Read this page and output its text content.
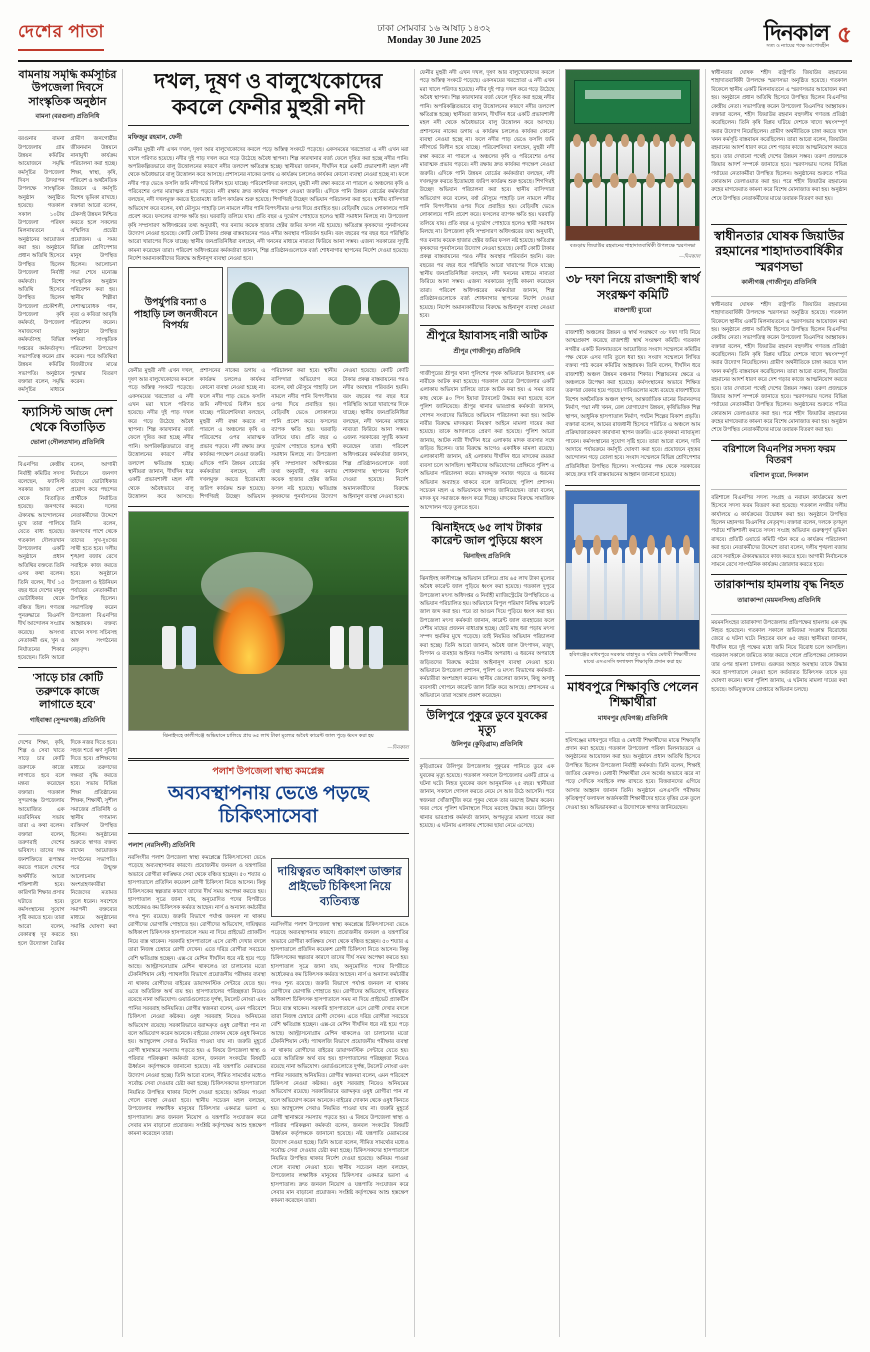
দেশের পাতা	ঢাকা সোমবার ১৬ আষাঢ় ১৪৩২
Monday 30 June 2025	দিনকাল
সত্য ও ন্যায়ের পক্ষে আপোষহীন ৫
বামনায় সমৃদ্ধি কর্মসূচির উপজেলা দিবসে সাংস্কৃতিক অনুষ্ঠান
বামনা (বরগুনা) প্রতিনিধি
বরগুনার বামনা উপজেলায় গ্রাম উন্নয়ন কমিটির আয়োজনে সমৃদ্ধি কর্মসূচির উপজেলা দিবস উদযাপন উপলক্ষে সাংস্কৃতিক অনুষ্ঠান অনুষ্ঠিত হয়েছে। গতকাল সকাল ১০টায় উপজেলা পরিষদ মিলনায়তনে এ অনুষ্ঠানের আয়োজন করা হয়। অনুষ্ঠানে প্রধান অতিথি হিসেবে উপস্থিত ছিলেন উপজেলা নির্বাহী কর্মকর্তা। বিশেষ অতিথি হিসেবে উপস্থিত ছিলেন উপজেলা প্রকৌশলী, উপজেলা কৃষি কর্মকর্তা, উপজেলা সমাজসেবা কর্মকর্তাসহ বিভিন্ন দপ্তরের কর্মকর্তাবৃন্দ। সভাপতিত্ব করেন গ্রাম উন্নয়ন কমিটির সভাপতি। অনুষ্ঠানে বক্তারা বলেন, সমৃদ্ধি কর্মসূচির মাধ্যমে গ্রামীণ জনগোষ্ঠীর জীবনমান উন্নয়নে নানামুখী কার্যক্রম পরিচালনা করা হচ্ছে। শিক্ষা, স্বাস্থ্য, কৃষি, পরিবেশ ও অর্থনৈতিক উন্নয়নে এ কর্মসূচি বিশেষ ভূমিকা রাখছে। বক্তারা আরো বলেন, টেকসই উন্নয়ন নিশ্চিত করতে হলে সকলের সম্মিলিত প্রচেষ্টা প্রয়োজন। এ সময় বিভিন্ন শ্রেণিপেশার মানুষ উপস্থিত ছিলেন। আলোচনা সভা শেষে মনোজ্ঞ সাংস্কৃতিক অনুষ্ঠান পরিবেশন করা হয়। স্থানীয় শিল্পীরা দেশাত্মবোধক গান, নৃত্য ও কবিতা আবৃত্তি পরিবেশন করেন। অনুষ্ঠানে উপস্থিত দর্শকরা সাংস্কৃতিক পরিবেশনা উপভোগ করেন। পরে অতিথিরা বিজয়ীদের মাঝে পুরস্কার বিতরণ করেন।
ফ্যাসিস্ট আজ দেশ থেকে বিতাড়িত
ভোলা (দৌলতখান) প্রতিনিধি
বিএনপির কেন্দ্রীয় নির্বাহী কমিটির সদস্য বলেছেন, ফ্যাসিস্ট সরকার আজ দেশ থেকে বিতাড়িত হয়েছে। জনগণের ঐক্যবদ্ধ আন্দোলনের মুখে তারা পালিয়ে যেতে বাধ্য হয়েছে। গতকাল দৌলতখান উপজেলার একটি অনুষ্ঠানে প্রধান অতিথির বক্তব্যে তিনি এসব কথা বলেন। তিনি বলেন, দীর্ঘ ১৫ বছর ধরে দেশের মানুষ ভোটাধিকার থেকে বঞ্চিত ছিল। গণতন্ত্র পুনরুদ্ধারে বিএনপি দীর্ঘ আন্দোলন সংগ্রাম করেছে। অসংখ্য নেতাকর্মী গুম, খুন ও নির্যাতনের শিকার হয়েছেন। তিনি আরো বলেন, আগামী নির্বাচনে জনগণ তাদের ভোটাধিকার প্রয়োগ করে পছন্দের প্রার্থীকে নির্বাচিত করবে। দলের নেতাকর্মীদের উদ্দেশে তিনি বলেন, জনগণের পাশে থেকে তাদের সুখ-দুঃখের সাথী হতে হবে। দলীয় শৃঙ্খলা বজায় রেখে সবাইকে কাজ করতে হবে। অনুষ্ঠানে উপজেলা ও ইউনিয়ন পর্যায়ের নেতাকর্মীরা উপস্থিত ছিলেন। সভাপতিত্ব করেন উপজেলা বিএনপির আহ্বায়ক। বক্তব্য রাখেন সদস্য সচিবসহ অঙ্গ সংগঠনের নেতৃবৃন্দ।
'সাড়ে চার কোটি তরুণকে কাজে লাগাতে হবে'
গাইবান্ধা (সুন্দরগঞ্জ) প্রতিনিধি
দেশের শিক্ষা, কৃষি, শিল্প ও সেবা খাতে সাড়ে চার কোটি তরুণকে কাজে লাগাতে হবে বলে মন্তব্য করেছেন বক্তারা। গতকাল সুন্দরগঞ্জ উপজেলায় আয়োজিত এক মতবিনিময় সভায় তারা এ কথা বলেন। বক্তারা বলেন, তরুণরাই দেশের ভবিষ্যৎ। তাদের দক্ষ জনশক্তিতে রূপান্তর করতে পারলে দেশের অর্থনীতি আরো শক্তিশালী হবে। কারিগরি শিক্ষার প্রসার ঘটাতে হবে। কর্মসংস্থানের সুযোগ সৃষ্টি করতে হবে। তারা আরো বলেন, বেকারত্ব দূর করতে হলে উদ্যোক্তা তৈরির দিকে নজর দিতে হবে। সহজ শর্তে ঋণ সুবিধা দিতে হবে। প্রশিক্ষণের মাধ্যমে তরুণদের দক্ষতা বৃদ্ধি করতে হবে। সভায় বিভিন্ন শিক্ষা প্রতিষ্ঠানের শিক্ষক, শিক্ষার্থী, সুশীল সমাজের প্রতিনিধি ও স্থানীয় গণ্যমান্য ব্যক্তিবর্গ উপস্থিত ছিলেন। অনুষ্ঠানের শুরুতে স্বাগত বক্তব্য রাখেন আয়োজক সংগঠনের সভাপতি। পরে উন্মুক্ত আলোচনায় অংশগ্রহণকারীরা নিজেদের মতামত তুলে ধরেন। সবশেষে সমাপনী বক্তব্যের মাধ্যমে অনুষ্ঠানের সমাপ্তি ঘোষণা করা হয়।
দখল, দূষণ ও বালুখেকোদের কবলে ফেনীর মুহুরী নদী
মফিজুর রহমান, ফেনী
ফেনীর মুহুরী নদী এখন দখল, দূষণ আর বালুখেকোদের কবলে পড়ে অস্তিত্ব সংকটে পড়েছে। একসময়ের খরস্রোতা এ নদী এখন মরা খালে পরিণত হয়েছে। নদীর দুই পাড় দখল করে গড়ে উঠেছে অবৈধ স্থাপনা। শিল্প কারখানার বর্জ্য ফেলে দূষিত করা হচ্ছে নদীর পানি। অপরিকল্পিতভাবে বালু উত্তোলনের কারণে নদীর তলদেশ ক্ষতিগ্রস্ত হচ্ছে। স্থানীয়রা জানান, দীর্ঘদিন ধরে একটি প্রভাবশালী মহল নদী থেকে অবৈধভাবে বালু উত্তোলন করে আসছে। প্রশাসনের নাকের ডগায় এ কার্যক্রম চললেও কার্যকর কোনো ব্যবস্থা নেওয়া হচ্ছে না। ফলে নদীর পাড় ভেঙে ফসলি জমি নদীগর্ভে বিলীন হয়ে যাচ্ছে। পরিবেশবিদরা বলছেন, মুহুরী নদী রক্ষা করতে না পারলে এ অঞ্চলের কৃষি ও পরিবেশের ওপর মারাত্মক প্রভাব পড়বে। নদী রক্ষায় দ্রুত কার্যকর পদক্ষেপ নেওয়া জরুরি। এদিকে পানি উন্নয়ন বোর্ডের কর্মকর্তারা বলছেন, নদী দখলমুক্ত করতে ইতোমধ্যে জরিপ কার্যক্রম শুরু হয়েছে। শিগগিরই উচ্ছেদ অভিযান পরিচালনা করা হবে। স্থানীয় বাসিন্দারা অভিযোগ করে বলেন, বর্ষা মৌসুমে পাহাড়ি ঢল নামলে নদীর পানি বিপৎসীমার ওপর দিয়ে প্রবাহিত হয়। বেড়িবাঁধ ভেঙে লোকালয়ে পানি প্রবেশ করে। ফসলের ব্যাপক ক্ষতি হয়। ঘরবাড়ি তলিয়ে যায়। প্রতি বছর এ দুর্ভোগ পোহাতে হলেও স্থায়ী সমাধান মিলছে না। উপজেলা কৃষি সম্প্রসারণ অধিদপ্তরের তথ্য অনুযায়ী, গত বন্যায় কয়েক হাজার হেক্টর জমির ফসল নষ্ট হয়েছে। ক্ষতিগ্রস্ত কৃষকদের পুনর্বাসনের উদ্যোগ নেওয়া হয়েছে। কোটি কোটি টাকার প্রকল্প বাস্তবায়নের পরও নদীর অবস্থার পরিবর্তন হয়নি। বরং বছরের পর বছর ধরে পরিস্থিতি আরো খারাপের দিকে যাচ্ছে। স্থানীয় জনপ্রতিনিধিরা বলছেন, নদী খননের মাধ্যমে নাব্যতা ফিরিয়ে আনা সম্ভব। এজন্য সরকারের সুদৃষ্টি কামনা করেছেন তারা। পরিবেশ অধিদপ্তরের কর্মকর্তারা জানান, শিল্প প্রতিষ্ঠানগুলোকে বর্জ্য শোধনাগার স্থাপনের নির্দেশ দেওয়া হয়েছে। নির্দেশ অমান্যকারীদের বিরুদ্ধে আইনানুগ ব্যবস্থা নেওয়া হবে।
উপর্যুপরি বন্যা ও পাহাড়ি ঢল জনজীবনে বিপর্যয়
ফেনীর মুহুরী নদী এখন দখল, দূষণ আর বালুখেকোদের কবলে পড়ে অস্তিত্ব সংকটে পড়েছে। একসময়ের খরস্রোতা এ নদী এখন মরা খালে পরিণত হয়েছে। নদীর দুই পাড় দখল করে গড়ে উঠেছে অবৈধ স্থাপনা। শিল্প কারখানার বর্জ্য ফেলে দূষিত করা হচ্ছে নদীর পানি। অপরিকল্পিতভাবে বালু উত্তোলনের কারণে নদীর তলদেশ ক্ষতিগ্রস্ত হচ্ছে। স্থানীয়রা জানান, দীর্ঘদিন ধরে একটি প্রভাবশালী মহল নদী থেকে অবৈধভাবে বালু উত্তোলন করে আসছে। প্রশাসনের নাকের ডগায় এ কার্যক্রম চললেও কার্যকর কোনো ব্যবস্থা নেওয়া হচ্ছে না। ফলে নদীর পাড় ভেঙে ফসলি জমি নদীগর্ভে বিলীন হয়ে যাচ্ছে। পরিবেশবিদরা বলছেন, মুহুরী নদী রক্ষা করতে না পারলে এ অঞ্চলের কৃষি ও পরিবেশের ওপর মারাত্মক প্রভাব পড়বে। নদী রক্ষায় দ্রুত কার্যকর পদক্ষেপ নেওয়া জরুরি। এদিকে পানি উন্নয়ন বোর্ডের কর্মকর্তারা বলছেন, নদী দখলমুক্ত করতে ইতোমধ্যে জরিপ কার্যক্রম শুরু হয়েছে। শিগগিরই উচ্ছেদ অভিযান পরিচালনা করা হবে। স্থানীয় বাসিন্দারা অভিযোগ করে বলেন, বর্ষা মৌসুমে পাহাড়ি ঢল নামলে নদীর পানি বিপৎসীমার ওপর দিয়ে প্রবাহিত হয়। বেড়িবাঁধ ভেঙে লোকালয়ে পানি প্রবেশ করে। ফসলের ব্যাপক ক্ষতি হয়। ঘরবাড়ি তলিয়ে যায়। প্রতি বছর এ দুর্ভোগ পোহাতে হলেও স্থায়ী সমাধান মিলছে না। উপজেলা কৃষি সম্প্রসারণ অধিদপ্তরের তথ্য অনুযায়ী, গত বন্যায় কয়েক হাজার হেক্টর জমির ফসল নষ্ট হয়েছে। ক্ষতিগ্রস্ত কৃষকদের পুনর্বাসনের উদ্যোগ নেওয়া হয়েছে। কোটি কোটি টাকার প্রকল্প বাস্তবায়নের পরও নদীর অবস্থার পরিবর্তন হয়নি। বরং বছরের পর বছর ধরে পরিস্থিতি আরো খারাপের দিকে যাচ্ছে। স্থানীয় জনপ্রতিনিধিরা বলছেন, নদী খননের মাধ্যমে নাব্যতা ফিরিয়ে আনা সম্ভব। এজন্য সরকারের সুদৃষ্টি কামনা করেছেন তারা। পরিবেশ অধিদপ্তরের কর্মকর্তারা জানান, শিল্প প্রতিষ্ঠানগুলোকে বর্জ্য শোধনাগার স্থাপনের নির্দেশ দেওয়া হয়েছে। নির্দেশ অমান্যকারীদের বিরুদ্ধে আইনানুগ ব্যবস্থা নেওয়া হবে।
ঝিনাইদহে কালীগঞ্জে অভিযানে চালিয়ে প্রায় ৬৫ লাখ টাকা মূল্যের অবৈধ কারেন্ট জাল পুড়ে ধ্বংস করা হয়
—দিনকাল
পলাশ উপজেলা স্বাস্থ্য কমপ্লেক্স
অব্যবস্থাপনায় ভেঙে পড়ছে চিকিৎসাসেবা
পলাশ (নরসিংদী) প্রতিনিধি
নরসিংদীর পলাশ উপজেলা স্বাস্থ্য কমপ্লেক্সে চিকিৎসাসেবা ভেঙে পড়েছে অব্যবস্থাপনার কারণে। প্রয়োজনীয় জনবল ও যন্ত্রপাতির অভাবে রোগীরা কাঙ্ক্ষিত সেবা থেকে বঞ্চিত হচ্ছেন। ৫০ শয্যার এ হাসপাতালে প্রতিদিন কয়েকশ রোগী চিকিৎসা নিতে আসেন। কিন্তু চিকিৎসকের স্বল্পতার কারণে তাদের দীর্ঘ সময় অপেক্ষা করতে হয়। হাসপাতাল সূত্রে জানা যায়, অনুমোদিত পদের বিপরীতে অর্ধেকেরও কম চিকিৎসক কর্মরত আছেন। নার্স ও অন্যান্য কর্মচারীর পদও শূন্য রয়েছে। জরুরি বিভাগে পর্যাপ্ত জনবল না থাকায় রোগীদের ভোগান্তি পোহাতে হয়। রোগীদের অভিযোগ, দায়িত্বরত অধিকাংশ চিকিৎসক হাসপাতালে সময় না দিয়ে প্রাইভেট প্র্যাকটিস নিয়ে ব্যস্ত থাকেন। সরকারি হাসপাতালে এসে রোগী দেখার বদলে তারা নিজস্ব চেম্বারে রোগী দেখেন। এতে দরিদ্র রোগীরা সবচেয়ে বেশি ক্ষতিগ্রস্ত হচ্ছেন। এক্স-রে মেশিন দীর্ঘদিন ধরে নষ্ট হয়ে পড়ে আছে। আল্ট্রাসনোগ্রাম মেশিন থাকলেও তা চালানোর মতো টেকনিশিয়ান নেই। প্যাথলজি বিভাগে প্রয়োজনীয় পরীক্ষার ব্যবস্থা না থাকায় রোগীদের বাইরের ডায়াগনস্টিক সেন্টারে যেতে হয়। এতে অতিরিক্ত অর্থ ব্যয় হয়। হাসপাতালের পরিচ্ছন্নতা নিয়েও রয়েছে নানা অভিযোগ। ওয়ার্ডগুলোতে দুর্গন্ধ, টয়লেট নোংরা এবং পানির সরবরাহ অনিয়মিত। রোগীর স্বজনরা বলেন, এমন পরিবেশে চিকিৎসা নেওয়া কষ্টকর। ওষুধ সরবরাহ নিয়েও অনিয়মের অভিযোগ রয়েছে। সরকারিভাবে বরাদ্দকৃত ওষুধ রোগীরা পান না বলে অভিযোগ করেন অনেকে। বাইরের দোকান থেকে ওষুধ কিনতে হয়। অ্যাম্বুলেন্স সেবাও নিয়মিত পাওয়া যায় না। জরুরি মুহূর্তে রোগী স্থানান্তরে সমস্যায় পড়তে হয়। এ বিষয়ে উপজেলা স্বাস্থ্য ও পরিবার পরিকল্পনা কর্মকর্তা বলেন, জনবল সংকটের বিষয়টি ঊর্ধ্বতন কর্তৃপক্ষকে জানানো হয়েছে। নষ্ট যন্ত্রপাতি মেরামতের উদ্যোগ নেওয়া হচ্ছে। তিনি আরো বলেন, সীমিত সামর্থ্যের মধ্যেও সর্বোচ্চ সেবা দেওয়ার চেষ্টা করা হচ্ছে। চিকিৎসকদের হাসপাতালে নিয়মিত উপস্থিত থাকার নির্দেশ দেওয়া হয়েছে। অনিয়ম পাওয়া গেলে ব্যবস্থা নেওয়া হবে। স্থানীয় সচেতন মহল বলছেন, উপজেলার লক্ষাধিক মানুষের চিকিৎসার একমাত্র ভরসা এ হাসপাতাল। দ্রুত জনবল নিয়োগ ও যন্ত্রপাতি সংযোজন করে সেবার মান বাড়ানো প্রয়োজন। সংশ্লিষ্ট কর্তৃপক্ষের আশু হস্তক্ষেপ কামনা করেছেন তারা।
দায়িত্বরত অধিকাংশ ডাক্তার প্রাইভেট চিকিৎসা নিয়ে ব্যতিব্যস্ত
নরসিংদীর পলাশ উপজেলা স্বাস্থ্য কমপ্লেক্সে চিকিৎসাসেবা ভেঙে পড়েছে অব্যবস্থাপনার কারণে। প্রয়োজনীয় জনবল ও যন্ত্রপাতির অভাবে রোগীরা কাঙ্ক্ষিত সেবা থেকে বঞ্চিত হচ্ছেন। ৫০ শয্যার এ হাসপাতালে প্রতিদিন কয়েকশ রোগী চিকিৎসা নিতে আসেন। কিন্তু চিকিৎসকের স্বল্পতার কারণে তাদের দীর্ঘ সময় অপেক্ষা করতে হয়। হাসপাতাল সূত্রে জানা যায়, অনুমোদিত পদের বিপরীতে অর্ধেকেরও কম চিকিৎসক কর্মরত আছেন। নার্স ও অন্যান্য কর্মচারীর পদও শূন্য রয়েছে। জরুরি বিভাগে পর্যাপ্ত জনবল না থাকায় রোগীদের ভোগান্তি পোহাতে হয়। রোগীদের অভিযোগ, দায়িত্বরত অধিকাংশ চিকিৎসক হাসপাতালে সময় না দিয়ে প্রাইভেট প্র্যাকটিস নিয়ে ব্যস্ত থাকেন। সরকারি হাসপাতালে এসে রোগী দেখার বদলে তারা নিজস্ব চেম্বারে রোগী দেখেন। এতে দরিদ্র রোগীরা সবচেয়ে বেশি ক্ষতিগ্রস্ত হচ্ছেন। এক্স-রে মেশিন দীর্ঘদিন ধরে নষ্ট হয়ে পড়ে আছে। আল্ট্রাসনোগ্রাম মেশিন থাকলেও তা চালানোর মতো টেকনিশিয়ান নেই। প্যাথলজি বিভাগে প্রয়োজনীয় পরীক্ষার ব্যবস্থা না থাকায় রোগীদের বাইরের ডায়াগনস্টিক সেন্টারে যেতে হয়। এতে অতিরিক্ত অর্থ ব্যয় হয়। হাসপাতালের পরিচ্ছন্নতা নিয়েও রয়েছে নানা অভিযোগ। ওয়ার্ডগুলোতে দুর্গন্ধ, টয়লেট নোংরা এবং পানির সরবরাহ অনিয়মিত। রোগীর স্বজনরা বলেন, এমন পরিবেশে চিকিৎসা নেওয়া কষ্টকর। ওষুধ সরবরাহ নিয়েও অনিয়মের অভিযোগ রয়েছে। সরকারিভাবে বরাদ্দকৃত ওষুধ রোগীরা পান না বলে অভিযোগ করেন অনেকে। বাইরের দোকান থেকে ওষুধ কিনতে হয়। অ্যাম্বুলেন্স সেবাও নিয়মিত পাওয়া যায় না। জরুরি মুহূর্তে রোগী স্থানান্তরে সমস্যায় পড়তে হয়। এ বিষয়ে উপজেলা স্বাস্থ্য ও পরিবার পরিকল্পনা কর্মকর্তা বলেন, জনবল সংকটের বিষয়টি ঊর্ধ্বতন কর্তৃপক্ষকে জানানো হয়েছে। নষ্ট যন্ত্রপাতি মেরামতের উদ্যোগ নেওয়া হচ্ছে। তিনি আরো বলেন, সীমিত সামর্থ্যের মধ্যেও সর্বোচ্চ সেবা দেওয়ার চেষ্টা করা হচ্ছে। চিকিৎসকদের হাসপাতালে নিয়মিত উপস্থিত থাকার নির্দেশ দেওয়া হয়েছে। অনিয়ম পাওয়া গেলে ব্যবস্থা নেওয়া হবে। স্থানীয় সচেতন মহল বলছেন, উপজেলার লক্ষাধিক মানুষের চিকিৎসার একমাত্র ভরসা এ হাসপাতাল। দ্রুত জনবল নিয়োগ ও যন্ত্রপাতি সংযোজন করে সেবার মান বাড়ানো প্রয়োজন। সংশ্লিষ্ট কর্তৃপক্ষের আশু হস্তক্ষেপ কামনা করেছেন তারা।
ফেনীর মুহুরী নদী এখন দখল, দূষণ আর বালুখেকোদের কবলে পড়ে অস্তিত্ব সংকটে পড়েছে। একসময়ের খরস্রোতা এ নদী এখন মরা খালে পরিণত হয়েছে। নদীর দুই পাড় দখল করে গড়ে উঠেছে অবৈধ স্থাপনা। শিল্প কারখানার বর্জ্য ফেলে দূষিত করা হচ্ছে নদীর পানি। অপরিকল্পিতভাবে বালু উত্তোলনের কারণে নদীর তলদেশ ক্ষতিগ্রস্ত হচ্ছে। স্থানীয়রা জানান, দীর্ঘদিন ধরে একটি প্রভাবশালী মহল নদী থেকে অবৈধভাবে বালু উত্তোলন করে আসছে। প্রশাসনের নাকের ডগায় এ কার্যক্রম চললেও কার্যকর কোনো ব্যবস্থা নেওয়া হচ্ছে না। ফলে নদীর পাড় ভেঙে ফসলি জমি নদীগর্ভে বিলীন হয়ে যাচ্ছে। পরিবেশবিদরা বলছেন, মুহুরী নদী রক্ষা করতে না পারলে এ অঞ্চলের কৃষি ও পরিবেশের ওপর মারাত্মক প্রভাব পড়বে। নদী রক্ষায় দ্রুত কার্যকর পদক্ষেপ নেওয়া জরুরি। এদিকে পানি উন্নয়ন বোর্ডের কর্মকর্তারা বলছেন, নদী দখলমুক্ত করতে ইতোমধ্যে জরিপ কার্যক্রম শুরু হয়েছে। শিগগিরই উচ্ছেদ অভিযান পরিচালনা করা হবে। স্থানীয় বাসিন্দারা অভিযোগ করে বলেন, বর্ষা মৌসুমে পাহাড়ি ঢল নামলে নদীর পানি বিপৎসীমার ওপর দিয়ে প্রবাহিত হয়। বেড়িবাঁধ ভেঙে লোকালয়ে পানি প্রবেশ করে। ফসলের ব্যাপক ক্ষতি হয়। ঘরবাড়ি তলিয়ে যায়। প্রতি বছর এ দুর্ভোগ পোহাতে হলেও স্থায়ী সমাধান মিলছে না। উপজেলা কৃষি সম্প্রসারণ অধিদপ্তরের তথ্য অনুযায়ী, গত বন্যায় কয়েক হাজার হেক্টর জমির ফসল নষ্ট হয়েছে। ক্ষতিগ্রস্ত কৃষকদের পুনর্বাসনের উদ্যোগ নেওয়া হয়েছে। কোটি কোটি টাকার প্রকল্প বাস্তবায়নের পরও নদীর অবস্থার পরিবর্তন হয়নি। বরং বছরের পর বছর ধরে পরিস্থিতি আরো খারাপের দিকে যাচ্ছে। স্থানীয় জনপ্রতিনিধিরা বলছেন, নদী খননের মাধ্যমে নাব্যতা ফিরিয়ে আনা সম্ভব। এজন্য সরকারের সুদৃষ্টি কামনা করেছেন তারা। পরিবেশ অধিদপ্তরের কর্মকর্তারা জানান, শিল্প প্রতিষ্ঠানগুলোকে বর্জ্য শোধনাগার স্থাপনের নির্দেশ দেওয়া হয়েছে। নির্দেশ অমান্যকারীদের বিরুদ্ধে আইনানুগ ব্যবস্থা নেওয়া হবে।
শ্রীপুরে ইয়াবাসহ নারী আটক
শ্রীপুর (গাজীপুর) প্রতিনিধি
গাজীপুরের শ্রীপুর থানা পুলিশের পৃথক অভিযানে ইয়াবাসহ এক নারীকে আটক করা হয়েছে। গতকাল ভোরে উপজেলার একটি এলাকায় অভিযান চালিয়ে তাকে আটক করা হয়। এ সময় তার কাছ থেকে ৪০ পিস ইয়াবা ট্যাবলেট উদ্ধার করা হয়েছে বলে পুলিশ জানিয়েছে। শ্রীপুর থানার ভারপ্রাপ্ত কর্মকর্তা জানান, গোপন সংবাদের ভিত্তিতে অভিযান পরিচালনা করা হয়। আটক নারীর বিরুদ্ধে মাদকদ্রব্য নিয়ন্ত্রণ আইনে মামলা দায়ের করা হয়েছে। তাকে আদালতে প্রেরণ করা হয়েছে। পুলিশ আরো জানায়, আটক নারী দীর্ঘদিন ধরে এলাকায় মাদক ব্যবসার সঙ্গে জড়িত ছিলেন। তার বিরুদ্ধে আগেও একাধিক মামলা রয়েছে। এলাকাবাসী জানান, ওই এলাকায় দীর্ঘদিন ধরে মাদকের রমরমা ব্যবসা চলে আসছিল। স্থানীয়দের অভিযোগের প্রেক্ষিতে পুলিশ এ অভিযান পরিচালনা করে। মাদকমুক্ত সমাজ গড়তে এ ধরনের অভিযান অব্যাহত থাকবে বলে জানিয়েছে পুলিশ প্রশাসন। সচেতন মহল এ অভিযানকে স্বাগত জানিয়েছেন। তারা বলেন, মাদক যুব সমাজকে ধ্বংস করে দিচ্ছে। মাদকের বিরুদ্ধে সামাজিক আন্দোলন গড়ে তুলতে হবে।
ঝিনাইদহে ৬৫ লাখ টাকার কারেন্ট জাল পুড়িয়ে ধ্বংস
ঝিনাইদহ প্রতিনিধি
ঝিনাইদহ কালীগঞ্জে অভিযান চালিয়ে প্রায় ৬৫ লাখ টাকা মূল্যের অবৈধ কারেন্ট জাল পুড়িয়ে ধ্বংস করা হয়েছে। গতকাল দুপুরে উপজেলা মৎস্য অধিদপ্তর ও নির্বাহী ম্যাজিস্ট্রেটের উপস্থিতিতে এ অভিযান পরিচালিত হয়। অভিযানে বিপুল পরিমাণ নিষিদ্ধ কারেন্ট জাল জব্দ করা হয়। পরে তা আগুন দিয়ে পুড়িয়ে ধ্বংস করা হয়। উপজেলা মৎস্য কর্মকর্তা জানান, কারেন্ট জাল ব্যবহারের ফলে দেশীয় মাছের প্রজনন বাধাগ্রস্ত হচ্ছে। ছোট মাছ ধরা পড়ায় মৎস্য সম্পদ হুমকির মুখে পড়েছে। তাই নিয়মিত অভিযান পরিচালনা করা হচ্ছে। তিনি আরো জানান, অবৈধ জাল উৎপাদন, মজুদ, বিপণন ও ব্যবহার আইনত দণ্ডনীয় অপরাধ। এ ধরনের অপরাধে জড়িতদের বিরুদ্ধে কঠোর আইনানুগ ব্যবস্থা নেওয়া হবে। অভিযানে উপজেলা প্রশাসন, পুলিশ ও মৎস্য বিভাগের কর্মকর্তা-কর্মচারীরা অংশগ্রহণ করেন। স্থানীয় জেলেরা জানান, কিছু অসাধু ব্যবসায়ী গোপনে কারেন্ট জাল বিক্রি করে আসছে। প্রশাসনের এ অভিযানে তারা সন্তোষ প্রকাশ করেছেন।
উলিপুরে পুকুরে ডুবে যুবকের মৃত্যু
উলিপুর (কুড়িগ্রাম) প্রতিনিধি
কুড়িগ্রামের উলিপুর উপজেলায় পুকুরের পানিতে ডুবে এক যুবকের মৃত্যু হয়েছে। গতকাল সকালে উপজেলার একটি গ্রামে এ ঘটনা ঘটে। নিহত যুবকের বয়স আনুমানিক ২৫ বছর। স্থানীয়রা জানান, সকালে গোসল করতে নেমে সে আর উঠে আসেনি। পরে স্বজনরা খোঁজাখুঁজি করে পুকুর থেকে তার মরদেহ উদ্ধার করেন। খবর পেয়ে পুলিশ ঘটনাস্থলে গিয়ে মরদেহ উদ্ধার করে। উলিপুর থানার ভারপ্রাপ্ত কর্মকর্তা জানান, অপমৃত্যুর মামলা দায়ের করা হয়েছে। এ ঘটনায় এলাকায় শোকের ছায়া নেমে এসেছে।
বগুড়ায় জিয়াউর রহমানের শাহাদাতবার্ষিকী উপলক্ষে স্মরণসভা
—দিনকাল
৩৮ দফা নিয়ে রাজশাহী স্বার্থ সংরক্ষণ কমিটি
রাজশাহী ব্যুরো
রাজশাহী অঞ্চলের উন্নয়ন ও স্বার্থ সংরক্ষণে ৩৮ দফা দাবি নিয়ে আত্মপ্রকাশ করেছে রাজশাহী স্বার্থ সংরক্ষণ কমিটি। গতকাল নগরীর একটি মিলনায়তনে আয়োজিত সংবাদ সম্মেলনে কমিটির পক্ষ থেকে এসব দাবি তুলে ধরা হয়। সংবাদ সম্মেলনে লিখিত বক্তব্য পাঠ করেন কমিটির আহ্বায়ক। তিনি বলেন, দীর্ঘদিন ধরে রাজশাহী অঞ্চল উন্নয়ন বঞ্চনার শিকার। শিল্পায়নের ক্ষেত্রে এ অঞ্চলকে উপেক্ষা করা হয়েছে। কর্মসংস্থানের অভাবে শিক্ষিত তরুণরা বেকার হয়ে পড়ছে। দাবিগুলোর মধ্যে রয়েছে রাজশাহীতে বিশেষ অর্থনৈতিক অঞ্চল স্থাপন, আন্তর্জাতিক মানের বিমানবন্দর নির্মাণ, পদ্মা নদী খনন, রেল যোগাযোগ উন্নয়ন, কৃষিভিত্তিক শিল্প স্থাপন, আধুনিক হাসপাতাল নির্মাণ, পর্যটন শিল্পের বিকাশ প্রভৃতি। বক্তারা বলেন, আমের রাজধানী হিসেবে পরিচিত এ অঞ্চলে আম প্রক্রিয়াজাতকরণ কারখানা স্থাপন জরুরি। এতে কৃষকরা ন্যায্যমূল্য পাবেন। কর্মসংস্থানের সুযোগ সৃষ্টি হবে। তারা আরো বলেন, দাবি আদায়ে পর্যায়ক্রমে কর্মসূচি ঘোষণা করা হবে। প্রয়োজনে বৃহত্তর আন্দোলন গড়ে তোলা হবে। সংবাদ সম্মেলনে বিভিন্ন শ্রেণিপেশার প্রতিনিধিরা উপস্থিত ছিলেন। সংগঠনের পক্ষ থেকে সরকারের কাছে দ্রুত দাবি বাস্তবায়নের আহ্বান জানানো হয়েছে।
হবিগঞ্জের মাধবপুরে সরকার বাহাদুর ও দরিদ্র মেধাবী শিক্ষার্থীদের মাঝে এসএসসি ফলাফল শিক্ষাবৃত্তি প্রদান করা হয়
মাধবপুরে শিক্ষাবৃত্তি পেলেন শিক্ষার্থীরা
মাধবপুর (হবিগঞ্জ) প্রতিনিধি
হবিগঞ্জের মাধবপুরে দরিদ্র ও মেধাবী শিক্ষার্থীদের মাঝে শিক্ষাবৃত্তি প্রদান করা হয়েছে। গতকাল উপজেলা পরিষদ মিলনায়তনে এ অনুষ্ঠানের আয়োজন করা হয়। অনুষ্ঠানে প্রধান অতিথি হিসেবে উপস্থিত ছিলেন উপজেলা নির্বাহী কর্মকর্তা। তিনি বলেন, শিক্ষাই জাতির মেরুদণ্ড। মেধাবী শিক্ষার্থীরা যেন অর্থের অভাবে ঝরে না পড়ে সেদিকে সবাইকে লক্ষ রাখতে হবে। বিত্তবানদের এগিয়ে আসার আহ্বান জানান তিনি। অনুষ্ঠানে এসএসসি পরীক্ষায় কৃতিত্বপূর্ণ ফলাফল অর্জনকারী শিক্ষার্থীদের হাতে বৃত্তির চেক তুলে দেওয়া হয়। অভিভাবকরা এ উদ্যোগকে স্বাগত জানিয়েছেন।
স্বাধীনতার ঘোষক শহীদ রাষ্ট্রপতি জিয়াউর রহমানের শাহাদাতবার্ষিকী উপলক্ষে স্মরণসভা অনুষ্ঠিত হয়েছে। গতকাল বিকেলে স্থানীয় একটি মিলনায়তনে এ স্মরণসভার আয়োজন করা হয়। অনুষ্ঠানে প্রধান অতিথি হিসেবে উপস্থিত ছিলেন বিএনপির কেন্দ্রীয় নেতা। সভাপতিত্ব করেন উপজেলা বিএনপির আহ্বায়ক। বক্তারা বলেন, শহীদ জিয়াউর রহমান বহুদলীয় গণতন্ত্র প্রতিষ্ঠা করেছিলেন। তিনি কৃষি বিপ্লব ঘটিয়ে দেশকে খাদ্যে স্বয়ংসম্পূর্ণ করার উদ্যোগ নিয়েছিলেন। গ্রামীণ অর্থনীতিকে চাঙ্গা করতে খাল খনন কর্মসূচি বাস্তবায়ন করেছিলেন। তারা আরো বলেন, জিয়াউর রহমানের আদর্শ ধারণ করে দেশ গড়ার কাজে আত্মনিয়োগ করতে হবে। তার দেখানো পথেই দেশের উন্নয়ন সম্ভব। তরুণ প্রজন্মকে জিয়ার আদর্শ সম্পর্কে জানাতে হবে। স্মরণসভায় দলের বিভিন্ন পর্যায়ের নেতাকর্মীরা উপস্থিত ছিলেন। অনুষ্ঠানের শুরুতে পবিত্র কোরআন তেলাওয়াত করা হয়। পরে শহীদ জিয়াউর রহমানের রুহের মাগফেরাত কামনা করে বিশেষ মোনাজাত করা হয়। অনুষ্ঠান শেষে উপস্থিত নেতাকর্মীদের মাঝে তবারক বিতরণ করা হয়।
স্বাধীনতার ঘোষক জিয়াউর রহমানের শাহাদাতবার্ষিকীর স্মরণসভা
কালীগঞ্জ (গাজীপুর) প্রতিনিধি
স্বাধীনতার ঘোষক শহীদ রাষ্ট্রপতি জিয়াউর রহমানের শাহাদাতবার্ষিকী উপলক্ষে স্মরণসভা অনুষ্ঠিত হয়েছে। গতকাল বিকেলে স্থানীয় একটি মিলনায়তনে এ স্মরণসভার আয়োজন করা হয়। অনুষ্ঠানে প্রধান অতিথি হিসেবে উপস্থিত ছিলেন বিএনপির কেন্দ্রীয় নেতা। সভাপতিত্ব করেন উপজেলা বিএনপির আহ্বায়ক। বক্তারা বলেন, শহীদ জিয়াউর রহমান বহুদলীয় গণতন্ত্র প্রতিষ্ঠা করেছিলেন। তিনি কৃষি বিপ্লব ঘটিয়ে দেশকে খাদ্যে স্বয়ংসম্পূর্ণ করার উদ্যোগ নিয়েছিলেন। গ্রামীণ অর্থনীতিকে চাঙ্গা করতে খাল খনন কর্মসূচি বাস্তবায়ন করেছিলেন। তারা আরো বলেন, জিয়াউর রহমানের আদর্শ ধারণ করে দেশ গড়ার কাজে আত্মনিয়োগ করতে হবে। তার দেখানো পথেই দেশের উন্নয়ন সম্ভব। তরুণ প্রজন্মকে জিয়ার আদর্শ সম্পর্কে জানাতে হবে। স্মরণসভায় দলের বিভিন্ন পর্যায়ের নেতাকর্মীরা উপস্থিত ছিলেন। অনুষ্ঠানের শুরুতে পবিত্র কোরআন তেলাওয়াত করা হয়। পরে শহীদ জিয়াউর রহমানের রুহের মাগফেরাত কামনা করে বিশেষ মোনাজাত করা হয়। অনুষ্ঠান শেষে উপস্থিত নেতাকর্মীদের মাঝে তবারক বিতরণ করা হয়।
বরিশালে বিএনপির সদস্য ফরম বিতরণ
বরিশাল ব্যুরো, দিনকাল
বরিশালে বিএনপির সদস্য সংগ্রহ ও নবায়ন কার্যক্রমের অংশ হিসেবে সদস্য ফরম বিতরণ করা হয়েছে। গতকাল নগরীর দলীয় কার্যালয়ে এ কার্যক্রমের উদ্বোধন করা হয়। অনুষ্ঠানে উপস্থিত ছিলেন মহানগর বিএনপির নেতৃবৃন্দ। বক্তারা বলেন, দলকে তৃণমূল পর্যায়ে শক্তিশালী করতে সদস্য সংগ্রহ অভিযান গুরুত্বপূর্ণ ভূমিকা রাখবে। প্রতিটি ওয়ার্ডে কমিটি গঠন করে এ কার্যক্রম পরিচালনা করা হবে। নেতাকর্মীদের উদ্দেশে তারা বলেন, দলীয় শৃঙ্খলা বজায় রেখে সবাইকে ঐক্যবদ্ধভাবে কাজ করতে হবে। আগামী নির্বাচনকে সামনে রেখে সাংগঠনিক কার্যক্রম জোরদার করতে হবে।
তারাকান্দায় হামলায় বৃদ্ধ নিহত
তারাকান্দা (ময়মনসিংহ) প্রতিনিধি
ময়মনসিংহের তারাকান্দা উপজেলায় প্রতিপক্ষের হামলায় এক বৃদ্ধ নিহত হয়েছেন। গতকাল সকালে জমিজমা সংক্রান্ত বিরোধের জেরে এ ঘটনা ঘটে। নিহতের বয়স ৬৫ বছর। স্থানীয়রা জানান, দীর্ঘদিন ধরে দুই পক্ষের মধ্যে জমি নিয়ে বিরোধ চলে আসছিল। গতকাল সকালে জমিতে কাজ করতে গেলে প্রতিপক্ষের লোকজন তার ওপর হামলা চালায়। গুরুতর আহত অবস্থায় তাকে উদ্ধার করে হাসপাতালে নেওয়া হলে কর্তব্যরত চিকিৎসক তাকে মৃত ঘোষণা করেন। থানা পুলিশ জানায়, এ ঘটনায় মামলা দায়ের করা হয়েছে। অভিযুক্তদের গ্রেপ্তারে অভিযান চলছে।
